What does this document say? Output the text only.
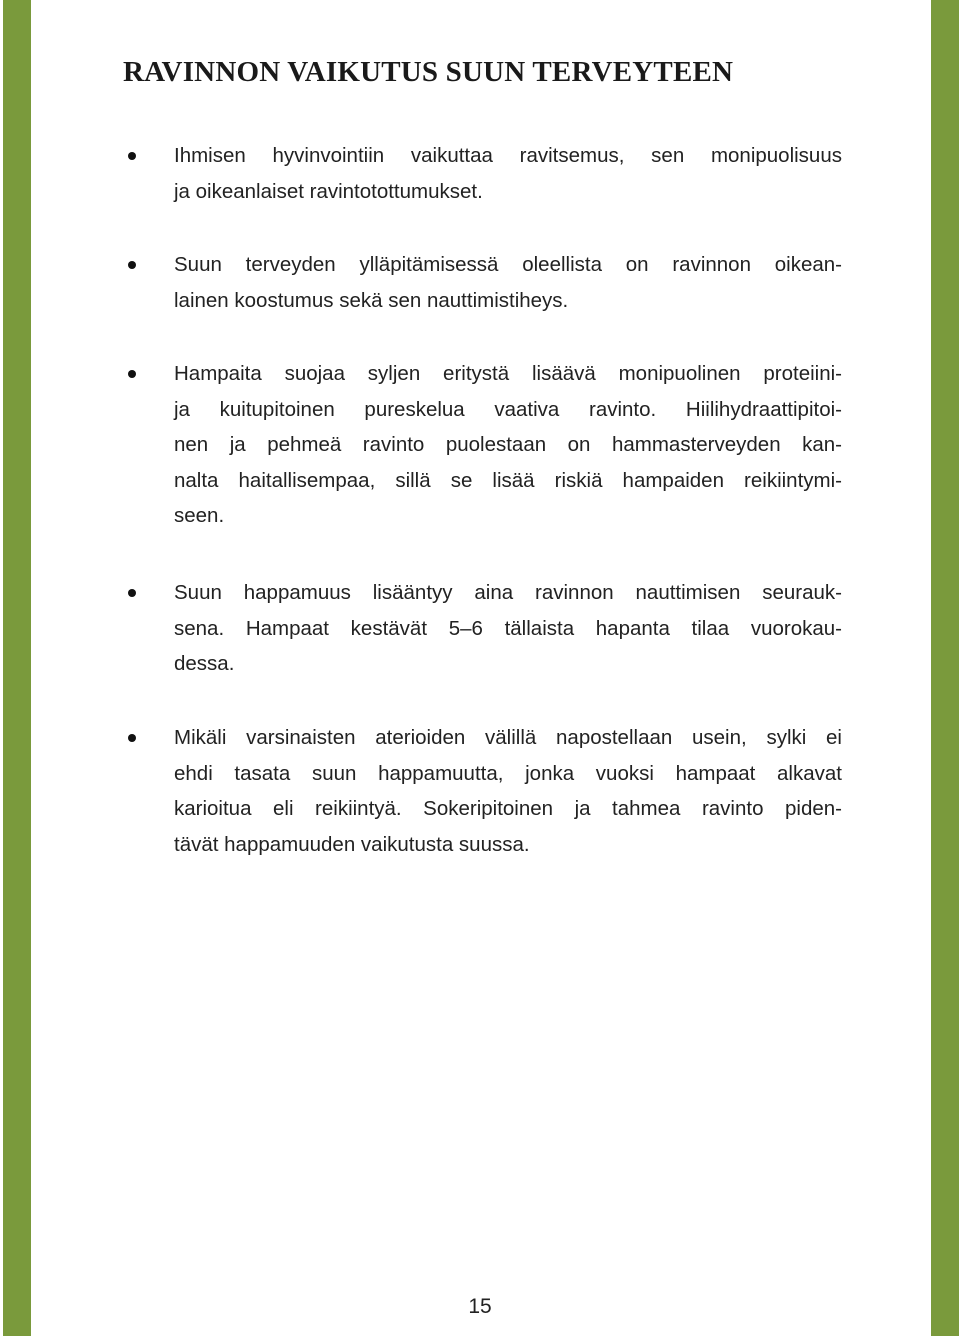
RAVINNON VAIKUTUS SUUN TERVEYTEEN

Ihmisen hyvinvointiin vaikuttaa ravitsemus, sen monipuolisuus
ja oikeanlaiset ravintotottumukset.

Suun terveyden ylläpitämisessä oleellista on ravinnon oikean-
lainen koostumus sekä sen nauttimistiheys.

Hampaita suojaa syljen eritystä lisäävä monipuolinen proteiini-
ja kuitupitoinen pureskelua vaativa ravinto. Hiilihydraattipitoi-
nen ja pehmeä ravinto puolestaan on hammasterveyden kan-
nalta haitallisempaa, sillä se lisää riskiä hampaiden reikiintymi-
seen.

Suun happamuus lisääntyy aina ravinnon nauttimisen seurauk-
sena. Hampaat kestävät 5–6 tällaista hapanta tilaa vuorokau-
dessa.

Mikäli varsinaisten aterioiden välillä napostellaan usein, sylki ei
ehdi tasata suun happamuutta, jonka vuoksi hampaat alkavat
karioitua eli reikiintyä. Sokeripitoinen ja tahmea ravinto piden-
tävät happamuuden vaikutusta suussa.

15
